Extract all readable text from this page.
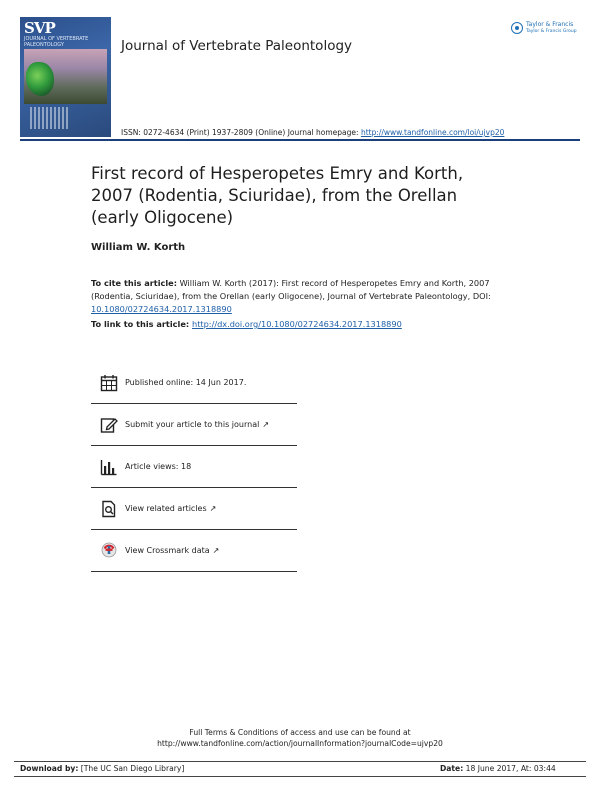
SVP
JOURNAL OF VERTEBRATE PALEONTOLOGY	Journal of Vertebrate Paleontology
Taylor & Francis
Taylor & Francis Group
ISSN: 0272-4634 (Print) 1937-2809 (Online) Journal homepage: http://www.tandfonline.com/loi/ujvp20
First record of Hesperopetes Emry and Korth, 2007 (Rodentia, Sciuridae), from the Orellan (early Oligocene)
William W. Korth
To cite this article: William W. Korth (2017): First record of Hesperopetes Emry and Korth, 2007 (Rodentia, Sciuridae), from the Orellan (early Oligocene), Journal of Vertebrate Paleontology, DOI: 10.1080/02724634.2017.1318890
To link to this article: http://dx.doi.org/10.1080/02724634.2017.1318890
Published online: 14 Jun 2017.
Submit your article to this journal ↗
Article views: 18
View related articles ↗
View Crossmark data ↗
Full Terms & Conditions of access and use can be found at
http://www.tandfonline.com/action/journalInformation?journalCode=ujvp20
Download by: [The UC San Diego Library]	Date: 18 June 2017, At: 03:44
